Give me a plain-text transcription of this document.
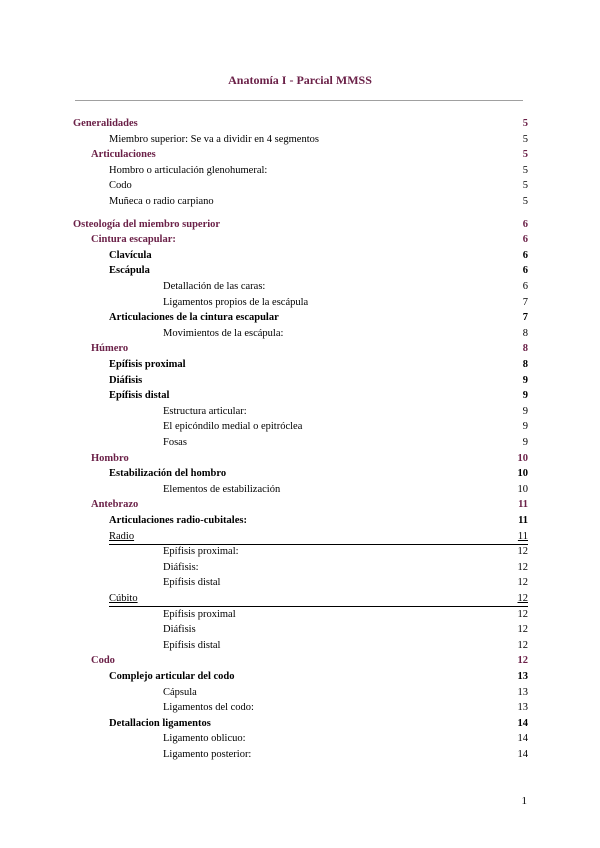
Anatomía I - Parcial MMSS
Generalidades	5
Miembro superior: Se va a dividir en 4 segmentos	5
Articulaciones	5
Hombro o articulación glenohumeral:	5
Codo	5
Muñeca o radio carpiano	5
Osteología del miembro superior	6
Cintura escapular:	6
Clavícula	6
Escápula	6
Detallación de las caras:	6
Ligamentos propios de la escápula	7
Articulaciones de la cintura escapular	7
Movimientos de la escápula:	8
Húmero	8
Epífisis proximal	8
Diáfisis	9
Epífisis distal	9
Estructura articular:	9
El epicóndilo medial o epitróclea	9
Fosas	9
Hombro	10
Estabilización del hombro	10
Elementos de estabilización	10
Antebrazo	11
Articulaciones radio-cubitales:	11
Radio	11
Epífisis proximal:	12
Diáfisis:	12
Epífisis distal	12
Cúbito	12
Epífisis proximal	12
Diáfisis	12
Epífisis distal	12
Codo	12
Complejo articular del codo	13
Cápsula	13
Ligamentos del codo:	13
Detallacion ligamentos	14
Ligamento oblicuo:	14
Ligamento posterior:	14
1
